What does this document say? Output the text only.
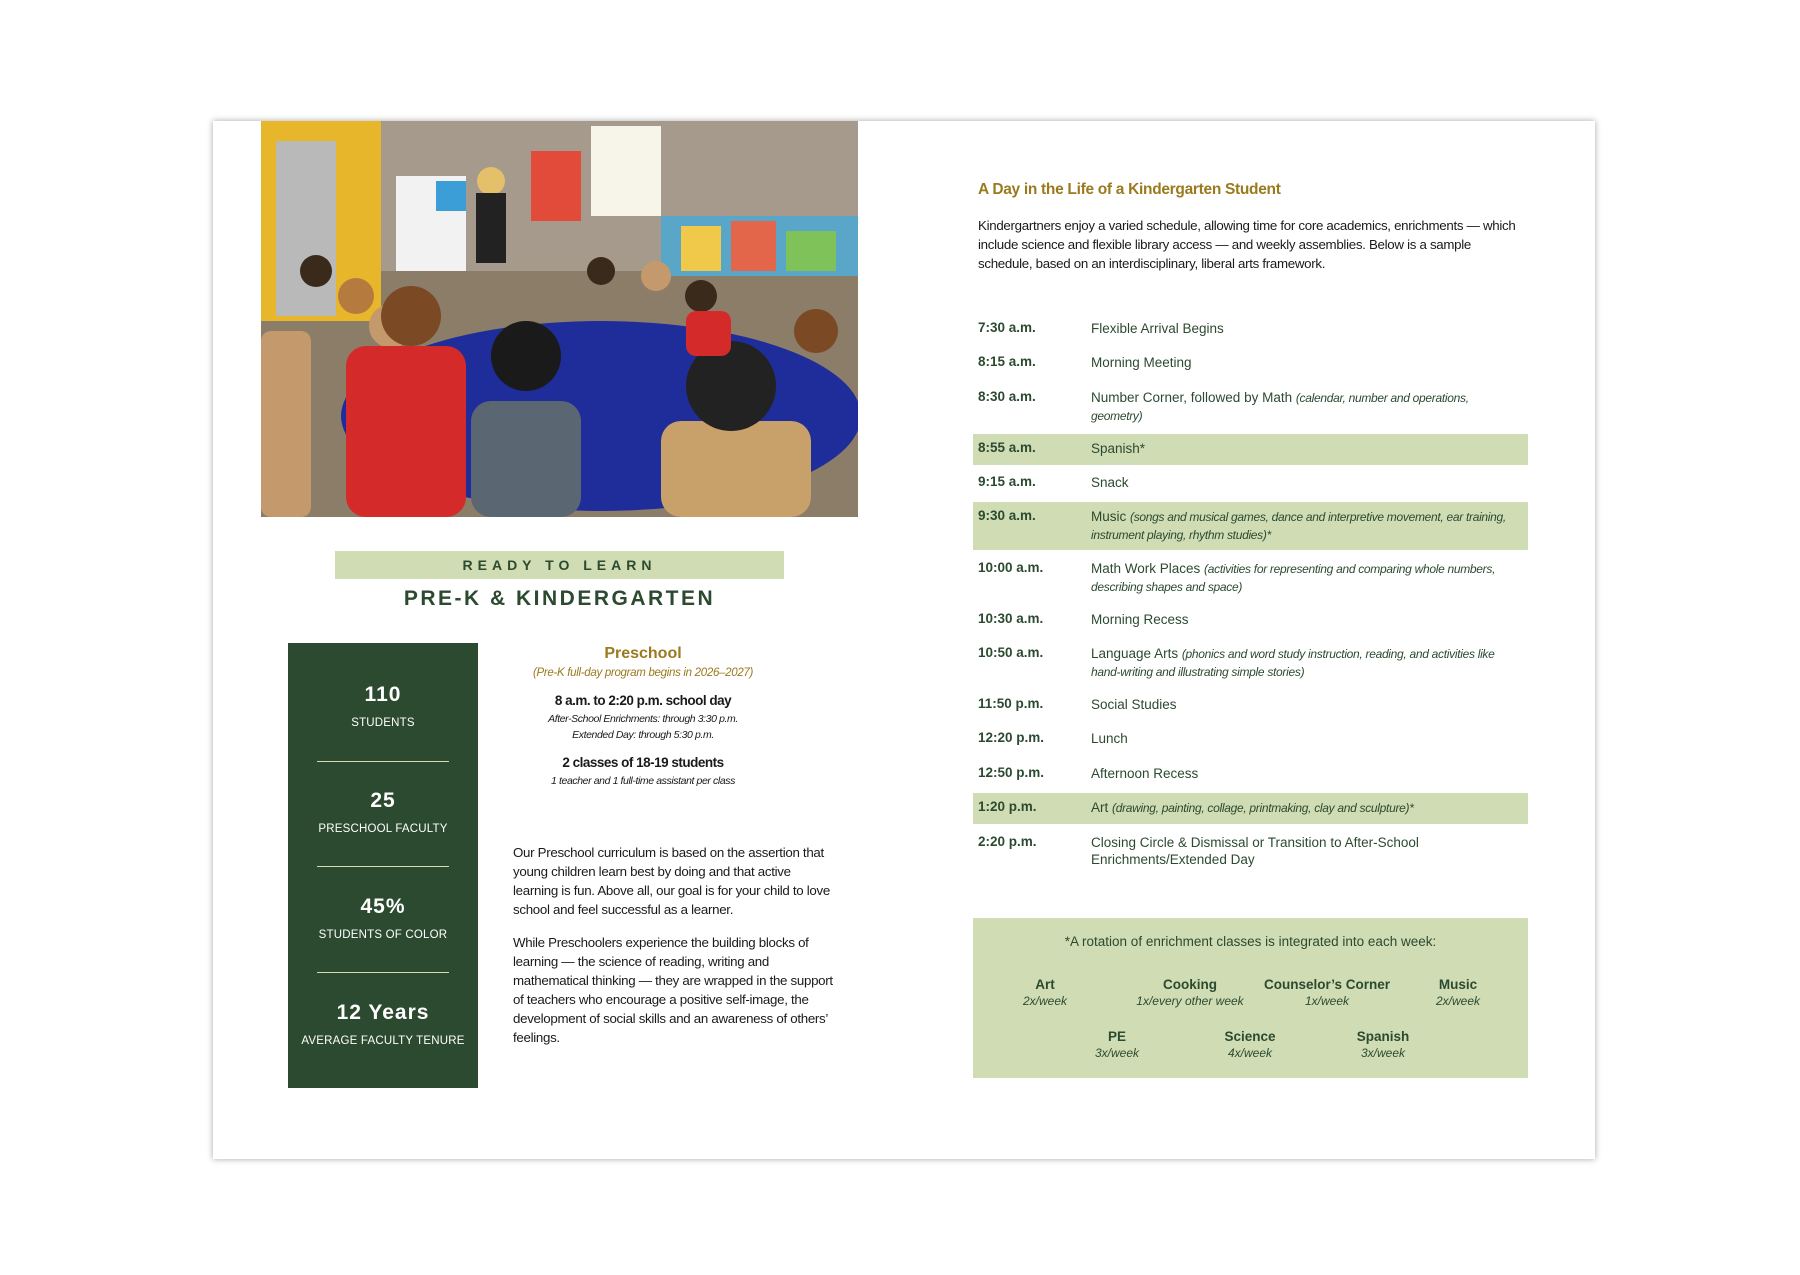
READY TO LEARN
PRE-K & KINDERGARTEN
110
STUDENTS
25
PRESCHOOL FACULTY
45%
STUDENTS OF COLOR
12 Years
AVERAGE FACULTY TENURE
Preschool
(Pre-K full-day program begins in 2026–2027)
8 a.m. to 2:20 p.m. school day
After-School Enrichments: through 3:30 p.m.
Extended Day: through 5:30 p.m.
2 classes of 18-19 students
1 teacher and 1 full-time assistant per class
Our Preschool curriculum is based on the assertion that young children learn best by doing and that active learning is fun. Above all, our goal is for your child to love school and feel successful as a learner.
While Preschoolers experience the building blocks of learning — the science of reading, writing and mathematical thinking — they are wrapped in the support of teachers who encourage a positive self-image, the development of social skills and an awareness of others’ feelings.
A Day in the Life of a Kindergarten Student
Kindergartners enjoy a varied schedule, allowing time for core academics, enrichments — which include science and flexible library access — and weekly assemblies. Below is a sample schedule, based on an interdisciplinary, liberal arts framework.
7:30 a.m.	Flexible Arrival Begins
8:15 a.m.	Morning Meeting
8:30 a.m.	Number Corner, followed by Math (calendar, number and operations, geometry)
8:55 a.m.	Spanish*
9:15 a.m.	Snack
9:30 a.m.	Music (songs and musical games, dance and interpretive movement, ear training, instrument playing, rhythm studies)*
10:00 a.m.	Math Work Places (activities for representing and comparing whole numbers, describing shapes and space)
10:30 a.m.	Morning Recess
10:50 a.m.	Language Arts (phonics and word study instruction, reading, and activities like hand-writing and illustrating simple stories)
11:50 p.m.	Social Studies
12:20 p.m.	Lunch
12:50 p.m.	Afternoon Recess
1:20 p.m.	Art (drawing, painting, collage, printmaking, clay and sculpture)*
2:20 p.m.	Closing Circle & Dismissal or Transition to After-School Enrichments/Extended Day
*A rotation of enrichment classes is integrated into each week:
Art
2x/week
Cooking
1x/every other week
Counselor’s Corner
1x/week
Music
2x/week
PE
3x/week
Science
4x/week
Spanish
3x/week
